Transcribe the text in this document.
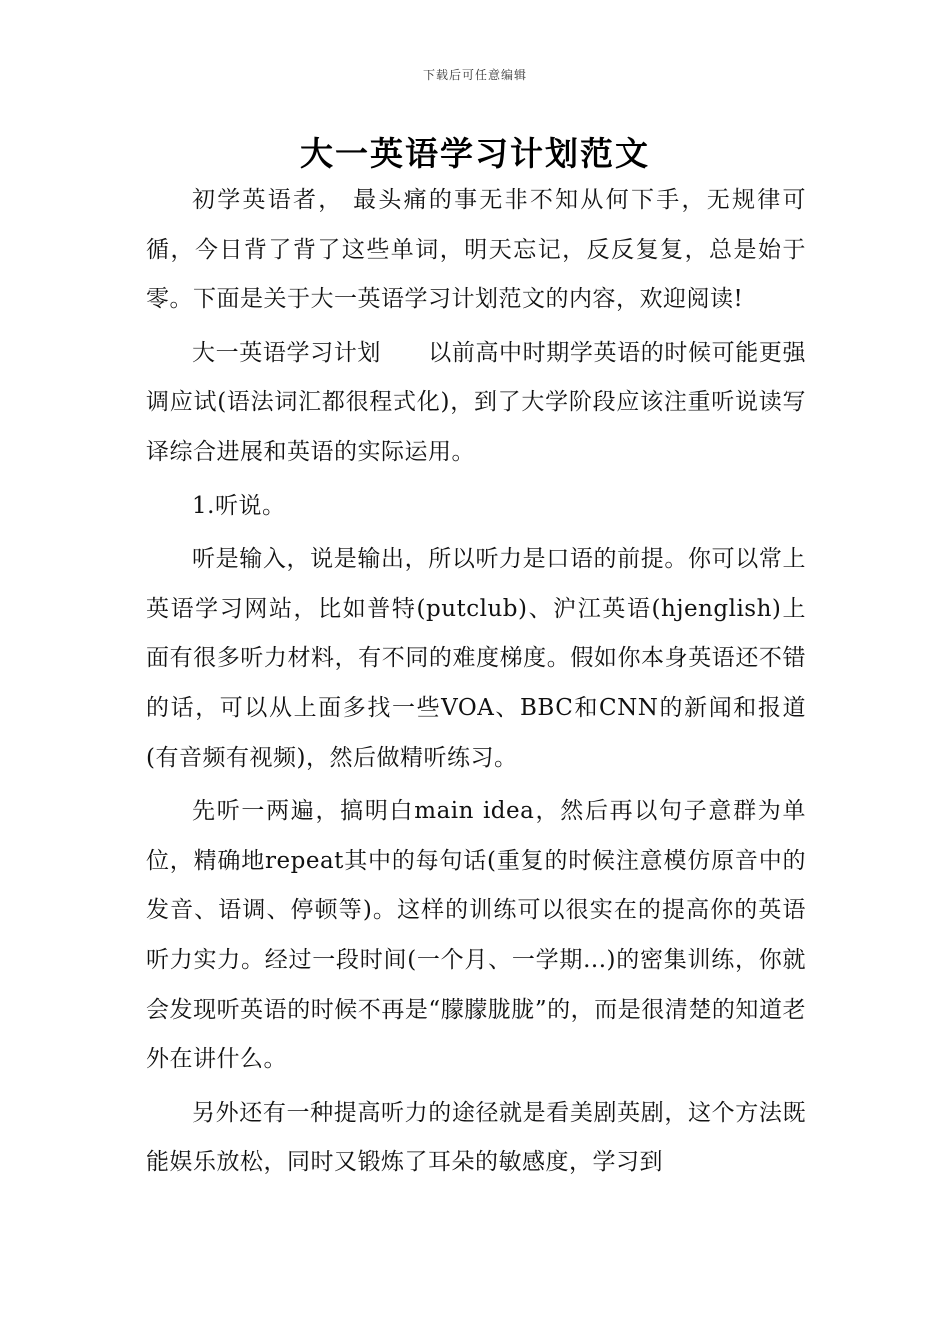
下载后可任意编辑
大一英语学习计划范文

初学英语者， 最头痛的事无非不知从何下手，无规律可循，今日背了背了这些单词，明天忘记，反反复复，总是始于零。下面是关于大一英语学习计划范文的内容，欢迎阅读!

大一英语学习计划　　以前高中时期学英语的时候可能更强调应试(语法词汇都很程式化)，到了大学阶段应该注重听说读写译综合进展和英语的实际运用。

1.听说。

听是输入，说是输出，所以听力是口语的前提。你可以常上英语学习网站，比如普特(putclub)、沪江英语(hjenglish)上面有很多听力材料，有不同的难度梯度。假如你本身英语还不错的话，可以从上面多找一些VOA、BBC和CNN的新闻和报道(有音频有视频)，然后做精听练习。

先听一两遍，搞明白main idea，然后再以句子意群为单位，精确地repeat其中的每句话(重复的时候注意模仿原音中的发音、语调、停顿等)。这样的训练可以很实在的提高你的英语听力实力。经过一段时间(一个月、一学期...)的密集训练，你就会发现听英语的时候不再是“朦朦胧胧”的，而是很清楚的知道老外在讲什么。

另外还有一种提高听力的途径就是看美剧英剧，这个方法既能娱乐放松，同时又锻炼了耳朵的敏感度，学习到
